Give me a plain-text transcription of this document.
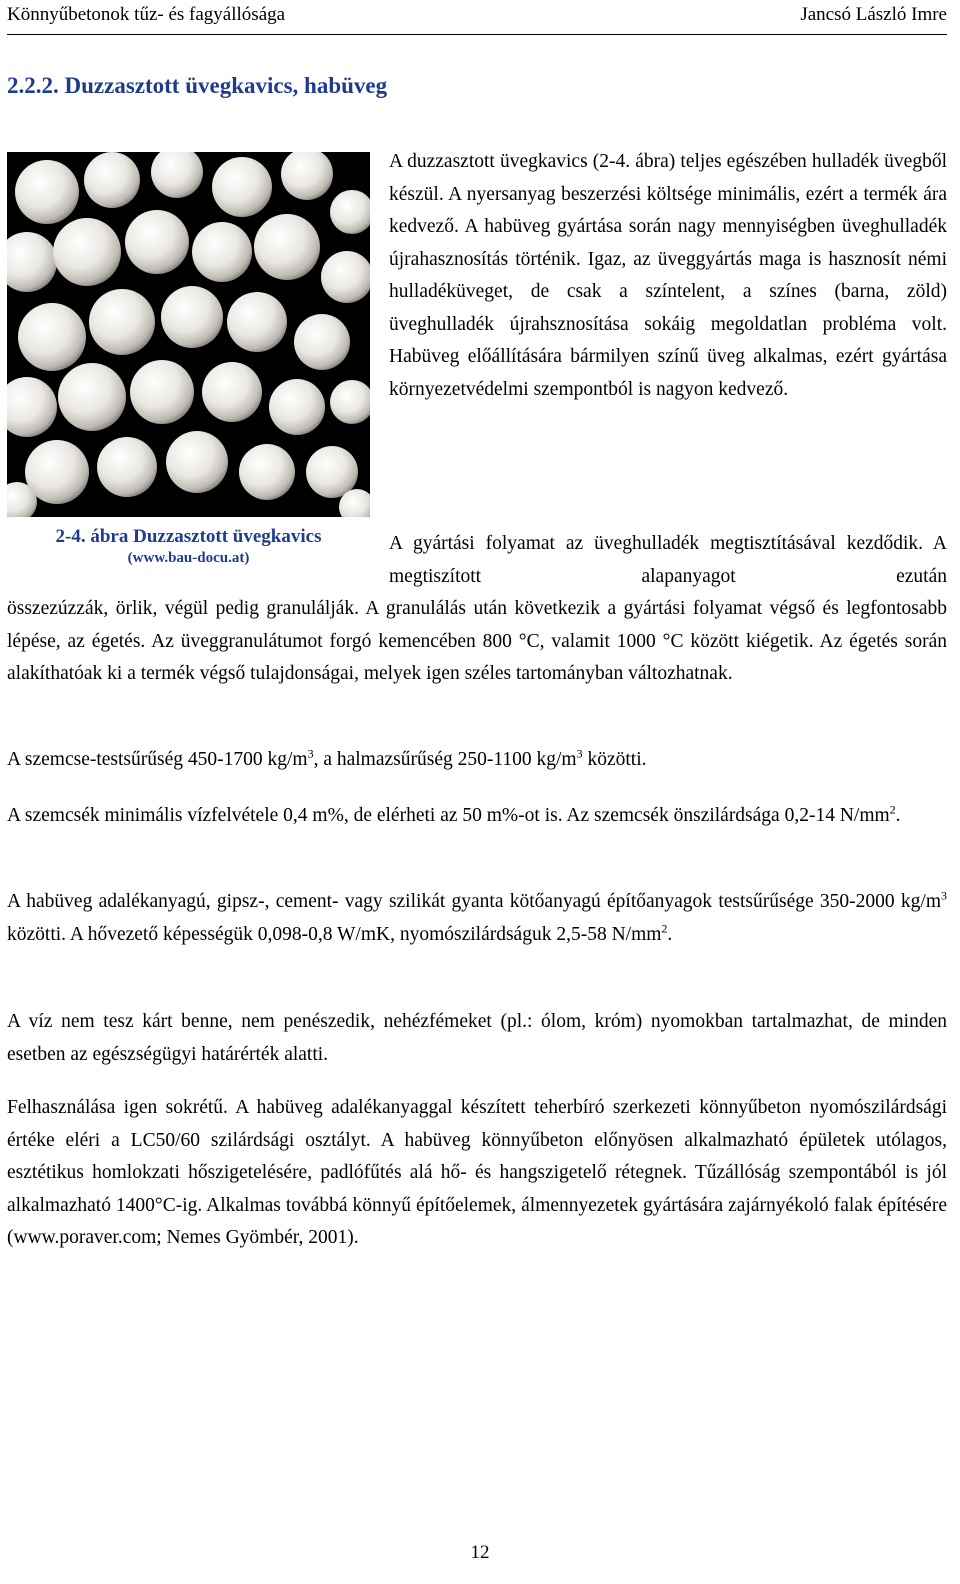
Könnyűbetonok tűz- és fagyállósága	Jancsó László Imre
2.2.2. Duzzasztott üvegkavics, habüveg
2-4. ábra Duzzasztott üvegkavics
(www.bau-docu.at)

A duzzasztott üvegkavics (2-4. ábra) teljes egészében hulladék üvegből készül. A nyersanyag beszerzési költsége minimális, ezért a termék ára kedvező. A habüveg gyártása során nagy mennyiségben üveghulladék újrahasznosítás történik. Igaz, az üveggyártás maga is hasznosít némi hulladéküveget, de csak a színtelent, a színes (barna, zöld) üveghulladék újrahsznosítása sokáig megoldatlan probléma volt. Habüveg előállítására bármilyen színű üveg alkalmas, ezért gyártása környezetvédelmi szempontból is nagyon kedvező.

A gyártási folyamat az üveghulladék megtisztításával kezdődik. A megtiszított alapanyagot ezután

összezúzzák, örlik, végül pedig granulálják. A granulálás után következik a gyártási folyamat végső és legfontosabb lépése, az égetés. Az üveggranulátumot forgó kemencében 800 °C, valamit 1000 °C között kiégetik. Az égetés során alakíthatóak ki a termék végső tulajdonságai, melyek igen széles tartományban változhatnak.

A szemcse-testsűrűség 450-1700 $kg/m^3$, a halmazsűrűség 250-1100 $kg/m^3$ közötti.

A szemcsék minimális vízfelvétele 0,4 m%, de elérheti az 50 m%-ot is. Az szemcsék önszilárdsága 0,2-14 $N/mm^2$.

A habüveg adalékanyagú, gipsz-, cement- vagy szilikát gyanta kötőanyagú építőanyagok testsűrűsége 350-2000 $kg/m^3$ közötti. A hővezető képességük 0,098-0,8 W/mK, nyomószilárdságuk 2,5-58 $N/mm^2$.

A víz nem tesz kárt benne, nem penészedik, nehézfémeket (pl.: ólom, króm) nyomokban tartalmazhat, de minden esetben az egészségügyi határérték alatti.

Felhasználása igen sokrétű. A habüveg adalékanyaggal készített teherbíró szerkezeti könnyűbeton nyomószilárdsági értéke eléri a LC50/60 szilárdsági osztályt. A habüveg könnyűbeton előnyösen alkalmazható épületek utólagos, esztétikus homlokzati hőszigetelésére, padlófűtés alá hő- és hangszigetelő rétegnek. Tűzállóság szempontából is jól alkalmazható 1400°C-ig. Alkalmas továbbá könnyű építőelemek, álmennyezetek gyártására zajárnyékoló falak építésére (www.poraver.com; Nemes Gyömbér, 2001).

12
